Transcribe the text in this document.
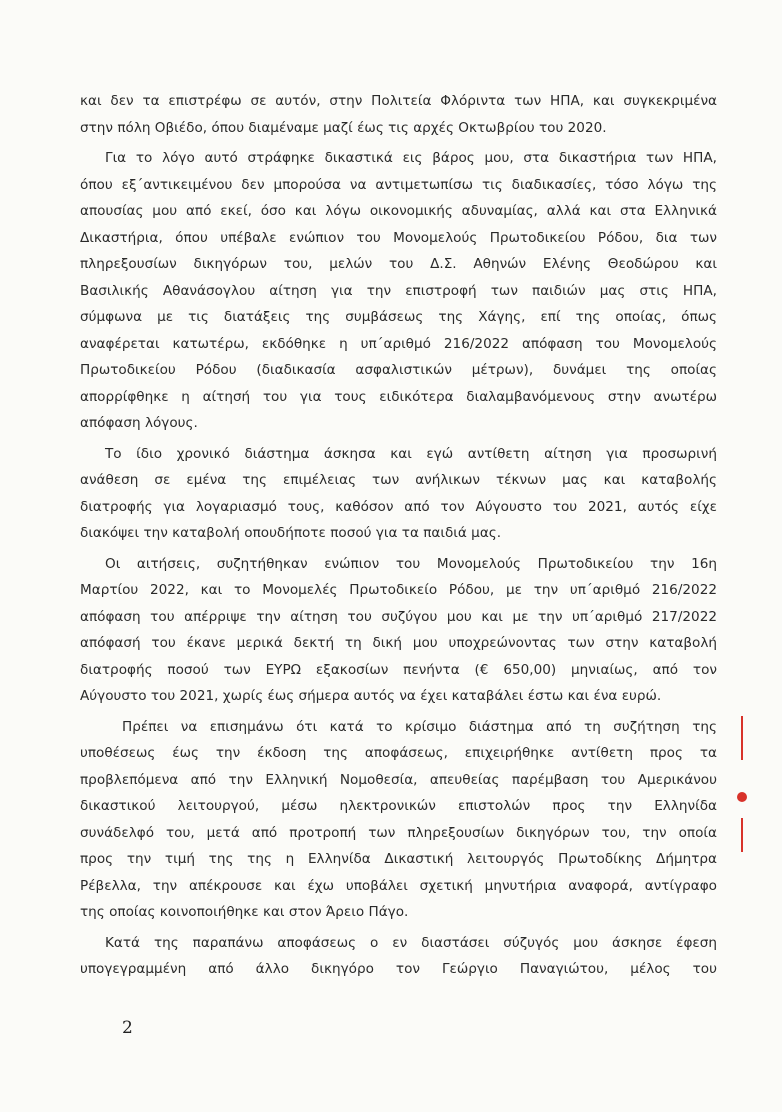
και δεν τα επιστρέφω σε αυτόν, στην Πολιτεία Φλόριντα των ΗΠΑ, και συγκεκριμένα
στην πόλη Οβιέδο, όπου διαμέναμε μαζί έως τις αρχές Οκτωβρίου του 2020.
Για το λόγο αυτό στράφηκε δικαστικά εις βάρος μου, στα δικαστήρια των ΗΠΑ,
όπου εξ΄αντικειμένου δεν μπορούσα να αντιμετωπίσω τις διαδικασίες, τόσο λόγω της
απουσίας μου από εκεί, όσο και λόγω οικονομικής αδυναμίας, αλλά και στα Ελληνικά
Δικαστήρια, όπου υπέβαλε ενώπιον του Μονομελούς Πρωτοδικείου Ρόδου, δια των
πληρεξουσίων δικηγόρων του, μελών του Δ.Σ. Αθηνών Ελένης Θεοδώρου και
Βασιλικής Αθανάσογλου αίτηση για την επιστροφή των παιδιών μας στις ΗΠΑ,
σύμφωνα με τις διατάξεις της συμβάσεως της Χάγης, επί της οποίας, όπως
αναφέρεται κατωτέρω, εκδόθηκε η υπ΄αριθμό 216/2022 απόφαση του Μονομελούς
Πρωτοδικείου Ρόδου (διαδικασία ασφαλιστικών μέτρων), δυνάμει της οποίας
απορρίφθηκε η αίτησή του για τους ειδικότερα διαλαμβανόμενους στην ανωτέρω
απόφαση λόγους.
Το ίδιο χρονικό διάστημα άσκησα και εγώ αντίθετη αίτηση για προσωρινή
ανάθεση σε εμένα της επιμέλειας των ανήλικων τέκνων μας και καταβολής
διατροφής για λογαριασμό τους, καθόσον από τον Αύγουστο του 2021, αυτός είχε
διακόψει την καταβολή οπουδήποτε ποσού για τα παιδιά μας.
Οι αιτήσεις, συζητήθηκαν ενώπιον του Μονομελούς Πρωτοδικείου την 16η
Μαρτίου 2022, και το Μονομελές Πρωτοδικείο Ρόδου, με την υπ΄αριθμό 216/2022
απόφαση του απέρριψε την αίτηση του συζύγου μου και με την υπ΄αριθμό 217/2022
απόφασή του έκανε μερικά δεκτή τη δική μου υποχρεώνοντας των στην καταβολή
διατροφής ποσού των ΕΥΡΩ εξακοσίων πενήντα (€ 650,00) μηνιαίως, από τον
Αύγουστο του 2021, χωρίς έως σήμερα αυτός να έχει καταβάλει έστω και ένα ευρώ.
Πρέπει να επισημάνω ότι κατά το κρίσιμο διάστημα από τη συζήτηση της
υποθέσεως έως την έκδοση της αποφάσεως, επιχειρήθηκε αντίθετη προς τα
προβλεπόμενα από την Ελληνική Νομοθεσία, απευθείας παρέμβαση του Αμερικάνου
δικαστικού λειτουργού, μέσω ηλεκτρονικών επιστολών προς την Ελληνίδα
συνάδελφό του, μετά από προτροπή των πληρεξουσίων δικηγόρων του, την οποία
προς την τιμή της της η Ελληνίδα Δικαστική λειτουργός Πρωτοδίκης Δήμητρα
Ρέβελλα, την απέκρουσε και έχω υποβάλει σχετική μηνυτήρια αναφορά, αντίγραφο
της οποίας κοινοποιήθηκε και στον Άρειο Πάγο.
Κατά της παραπάνω αποφάσεως ο εν διαστάσει σύζυγός μου άσκησε έφεση
υπογεγραμμένη από άλλο δικηγόρο τον Γεώργιο Παναγιώτου, μέλος του
2
